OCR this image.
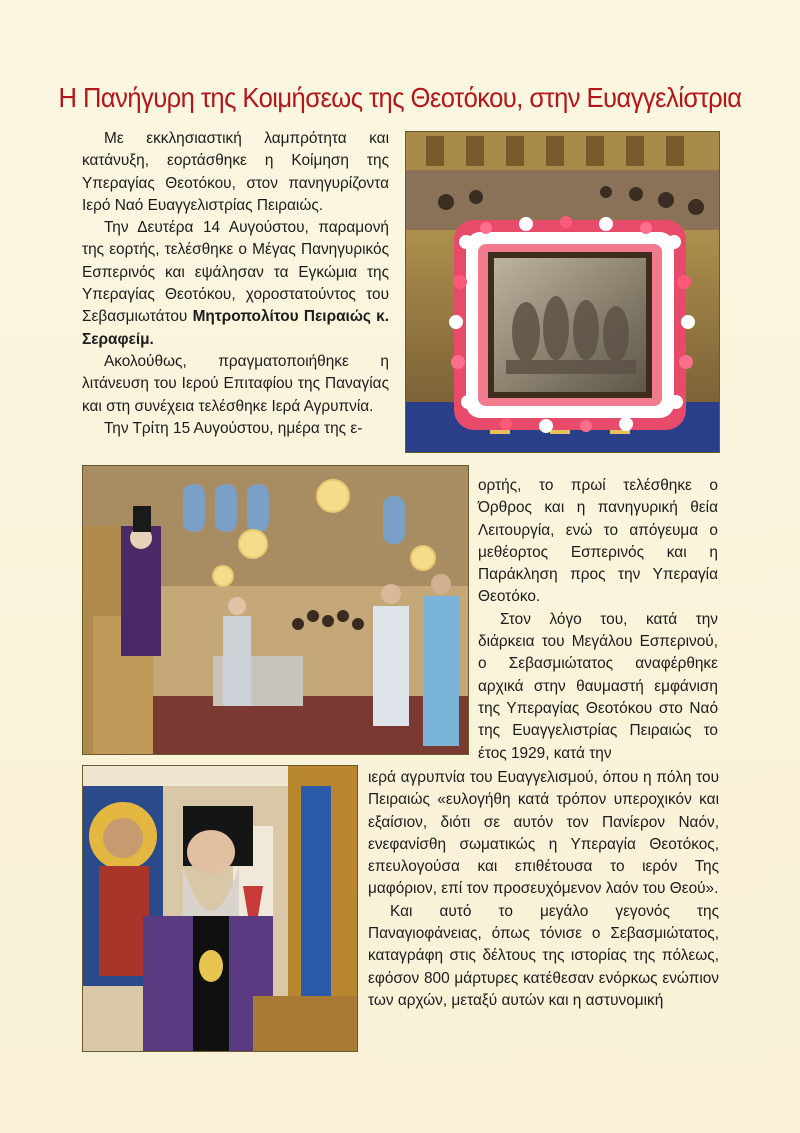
Η Πανήγυρη της Κοιμήσεως της Θεοτόκου, στην Ευαγγελίστρια

Με εκκλησιαστική λαμπρότητα και κατάνυξη, εορτάσθηκε η Κοίμηση της Υπεραγίας Θεοτόκου, στον πανηγυρίζοντα Ιερό Ναό Ευαγγελιστρίας Πειραιώς.

Την Δευτέρα 14 Αυγούστου, παραμονή της εορτής, τελέσθηκε ο Μέγας Πανηγυρικός Εσπερινός και εψάλησαν τα Εγκώμια της Υπεραγίας Θεοτόκου, χοροστατούντος του Σεβασμιωτάτου Μητροπολίτου Πειραιώς κ. Σεραφείμ.

Ακολούθως, πραγματοποιήθηκε η λιτάνευση του Ιερού Επιταφίου της Παναγίας και στη συνέχεια τελέσθηκε Ιερά Αγρυπνία.

Την Τρίτη 15 Αυγούστου, ημέρα της ε-

ορτής, το πρωί τελέσθηκε ο Όρθρος και η πανηγυρική θεία Λειτουργία, ενώ το απόγευμα ο μεθέορτος Εσπερινός και η Παράκληση προς την Υπεραγία Θεοτόκο.

Στον λόγο του, κατά την διάρκεια του Μεγάλου Εσπερινού, ο Σεβασμιώτατος αναφέρθηκε αρχικά στην θαυμαστή εμφάνιση της Υπεραγίας Θεοτόκου στο Ναό της Ευαγγελιστρίας Πειραιώς το έτος 1929, κατά την

ιερά αγρυπνία του Ευαγγελισμού, όπου η πόλη του Πειραιώς «ευλογήθη κατά τρόπον υπεροχικόν και εξαίσιον, διότι σε αυτόν τον Πανίερον Ναόν, ενεφανίσθη σωματικώς η Υπεραγία Θεοτόκος, επευλογούσα και επιθέτουσα το ιερόν Της μαφόριον, επί τον προσευχόμενον λαόν του Θεού».

Και αυτό το μεγάλο γεγονός της Παναγιοφάνειας, όπως τόνισε ο Σεβασμιώτατος, καταγράφη στις δέλτους της ιστορίας της πόλεως, εφόσον 800 μάρτυρες κατέθεσαν ενόρκως ενώπιον των αρχών, μεταξύ αυτών και η αστυνομική
